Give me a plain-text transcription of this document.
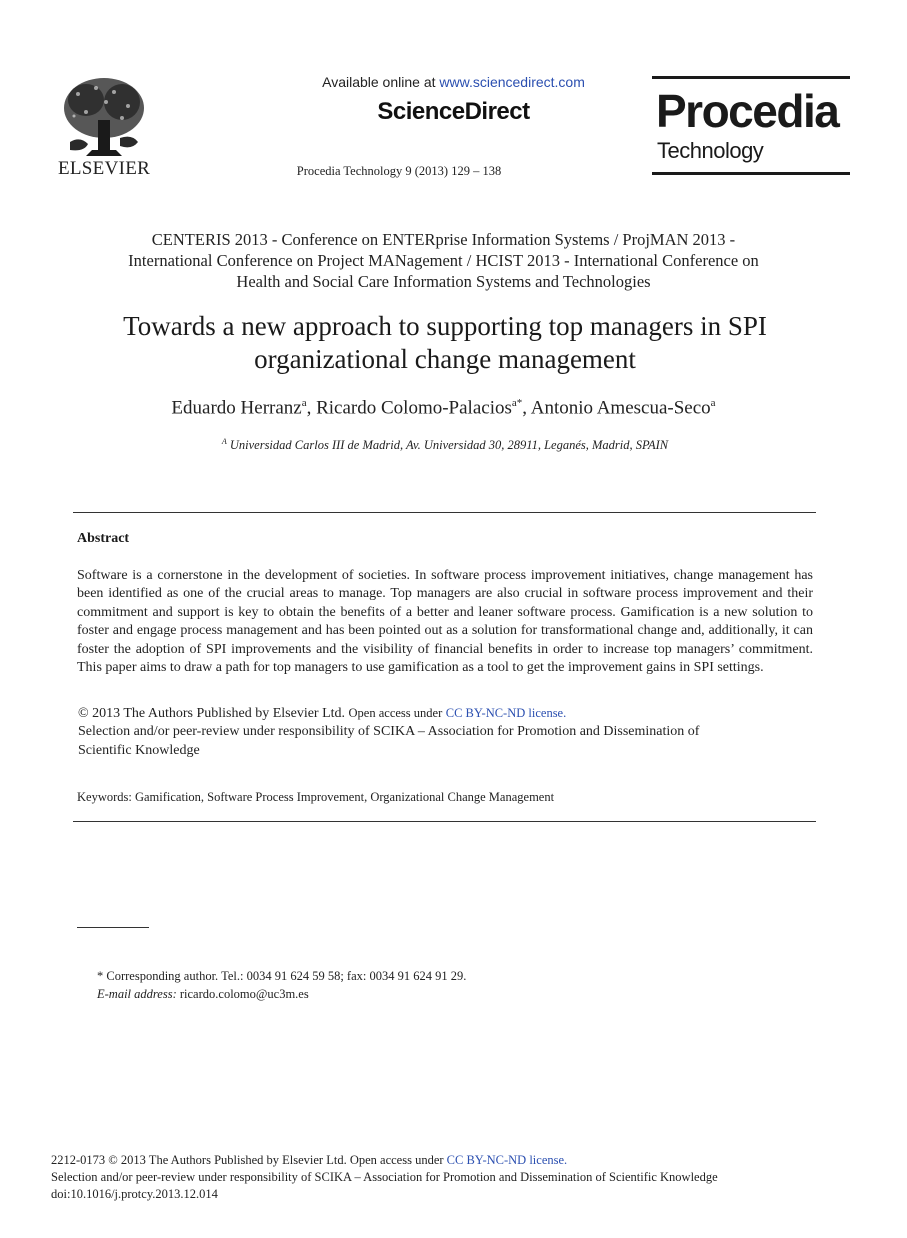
ELSEVIER
Available online at www.sciencedirect.com
ScienceDirect
Procedia Technology 9 (2013) 129 – 138
Procedia
Technology
CENTERIS 2013 - Conference on ENTERprise Information Systems / ProjMAN 2013 -
International Conference on Project MANagement / HCIST 2013 - International Conference on
Health and Social Care Information Systems and Technologies
Towards a new approach to supporting top managers in SPI
organizational change management
Eduardo Herranz$^a$, Ricardo Colomo-Palacios$^{a*}$, Antonio Amescua-Seco$^a$
$^A$ Universidad Carlos III de Madrid, Av. Universidad 30, 28911, Leganés, Madrid, SPAIN
Abstract
Software is a cornerstone in the development of societies. In software process improvement initiatives, change management has been identified as one of the crucial areas to manage. Top managers are also crucial in software process improvement and their commitment and support is key to obtain the benefits of a better and leaner software process. Gamification is a new solution to foster and engage process management and has been pointed out as a solution for transformational change and, additionally, it can foster the adoption of SPI improvements and the visibility of financial benefits in order to increase top managers’ commitment. This paper aims to draw a path for top managers to use gamification as a tool to get the improvement gains in SPI settings.
© 2013 The Authors Published by Elsevier Ltd. Open access under CC BY-NC-ND license.
Selection and/or peer-review under responsibility of SCIKA – Association for Promotion and Dissemination of
Scientific Knowledge
Keywords: Gamification, Software Process Improvement, Organizational Change Management
* Corresponding author. Tel.: 0034 91 624 59 58; fax: 0034 91 624 91 29.
E-mail address: ricardo.colomo@uc3m.es
2212-0173 © 2013 The Authors Published by Elsevier Ltd. Open access under CC BY-NC-ND license.
Selection and/or peer-review under responsibility of SCIKA – Association for Promotion and Dissemination of Scientific Knowledge
doi:10.1016/j.protcy.2013.12.014
